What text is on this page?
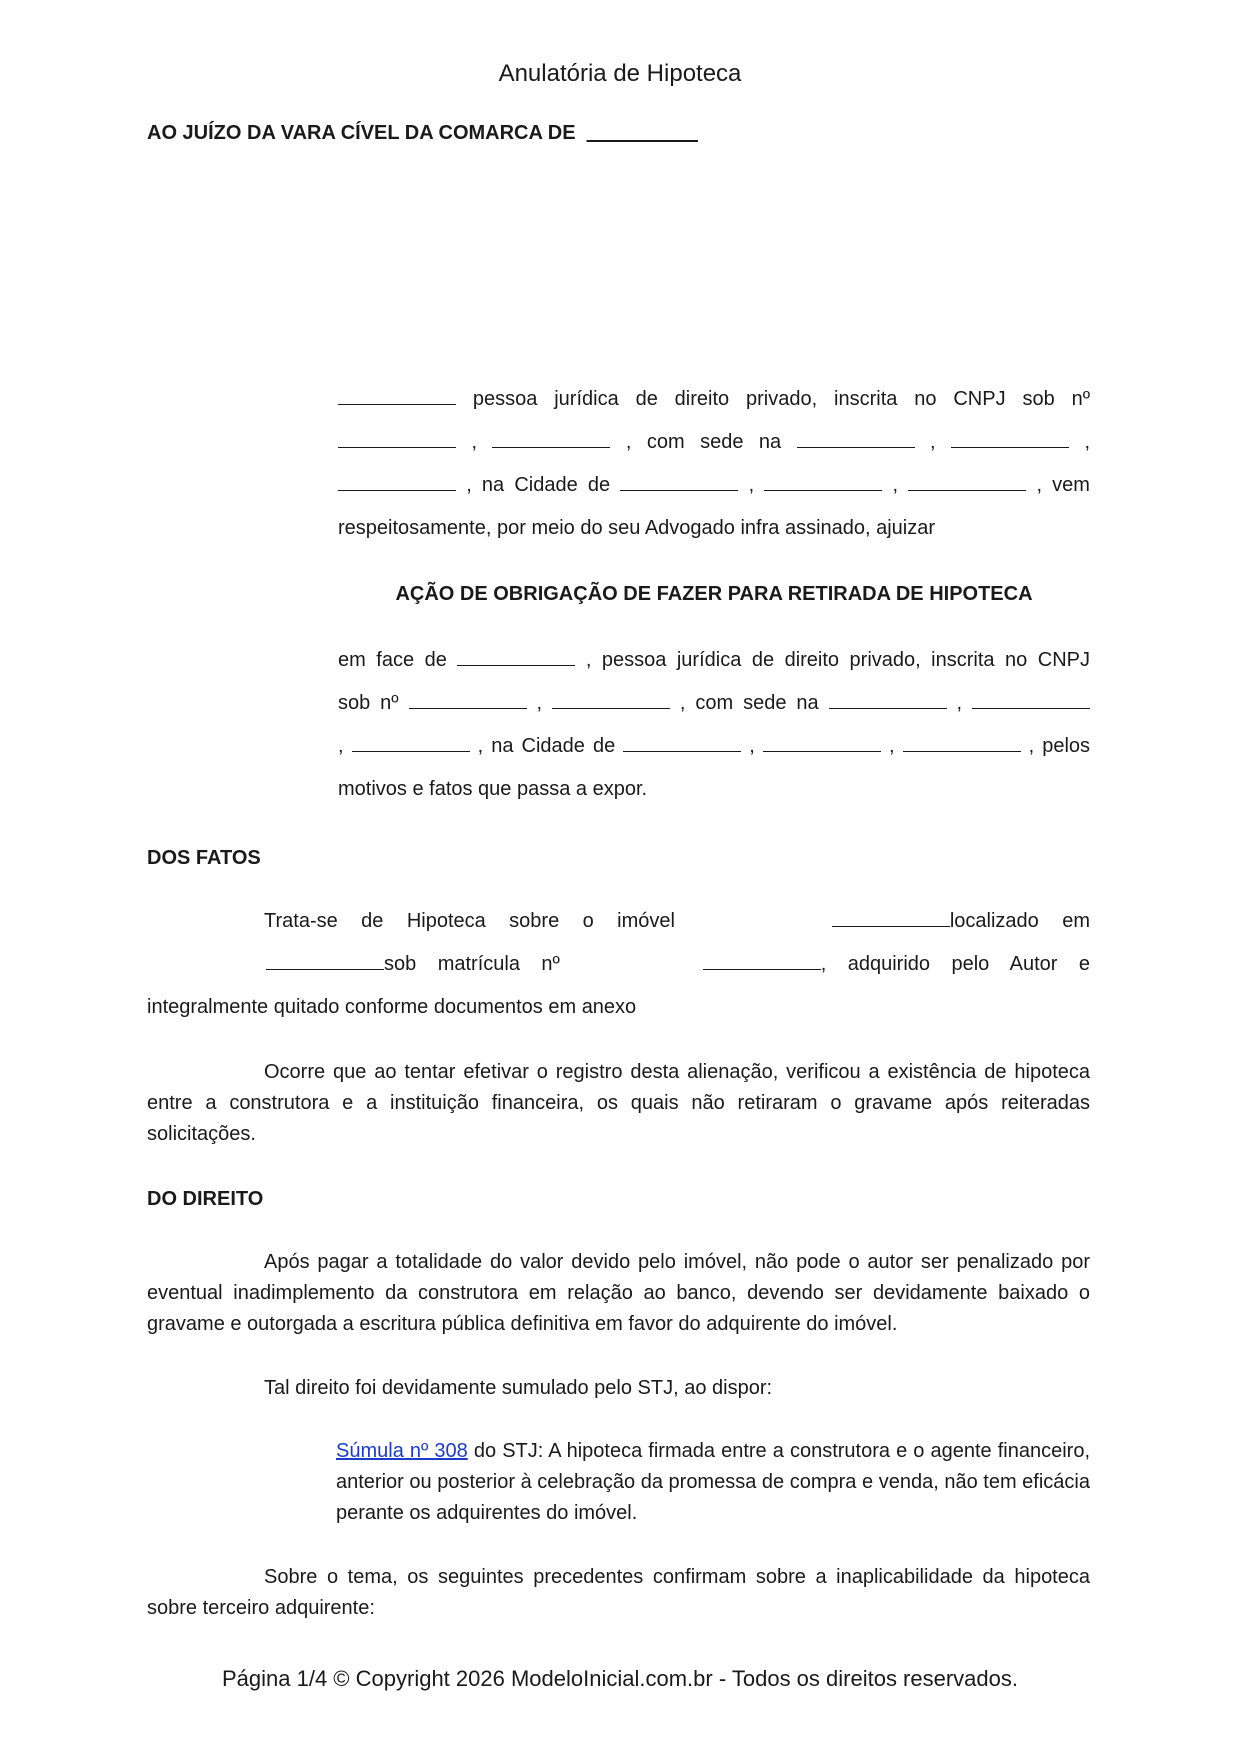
Anulatória de Hipoteca
AO JUÍZO DA VARA CÍVEL DA COMARCA DE __________
pessoa jurídica de direito privado, inscrita no CNPJ sob nº
,	, com sede na	,	,
, na Cidade de	,	,	, vem
respeitosamente, por meio do seu Advogado infra assinado, ajuizar
AÇÃO DE OBRIGAÇÃO DE FAZER PARA RETIRADA DE HIPOTECA
em face de	, pessoa jurídica de direito privado, inscrita no CNPJ
sob nº	,	, com sede na	,
,	, na Cidade de	,	,	, pelos
motivos e fatos que passa a expor.
DOS FATOS
Trata-se de Hipoteca sobre o imóvel	localizado em
sob matrícula nº	, adquirido pelo Autor e
integralmente quitado conforme documentos em anexo
Ocorre que ao tentar efetivar o registro desta alienação, verificou a existência de hipoteca entre a construtora e a instituição financeira, os quais não retiraram o gravame após reiteradas solicitações.
DO DIREITO
Após pagar a totalidade do valor devido pelo imóvel, não pode o autor ser penalizado por eventual inadimplemento da construtora em relação ao banco, devendo ser devidamente baixado o gravame e outorgada a escritura pública definitiva em favor do adquirente do imóvel.
Tal direito foi devidamente sumulado pelo STJ, ao dispor:
Súmula nº 308 do STJ: A hipoteca firmada entre a construtora e o agente financeiro, anterior ou posterior à celebração da promessa de compra e venda, não tem eficácia perante os adquirentes do imóvel.
Sobre o tema, os seguintes precedentes confirmam sobre a inaplicabilidade da hipoteca sobre terceiro adquirente:
Página 1/4 © Copyright 2026 ModeloInicial.com.br - Todos os direitos reservados.
